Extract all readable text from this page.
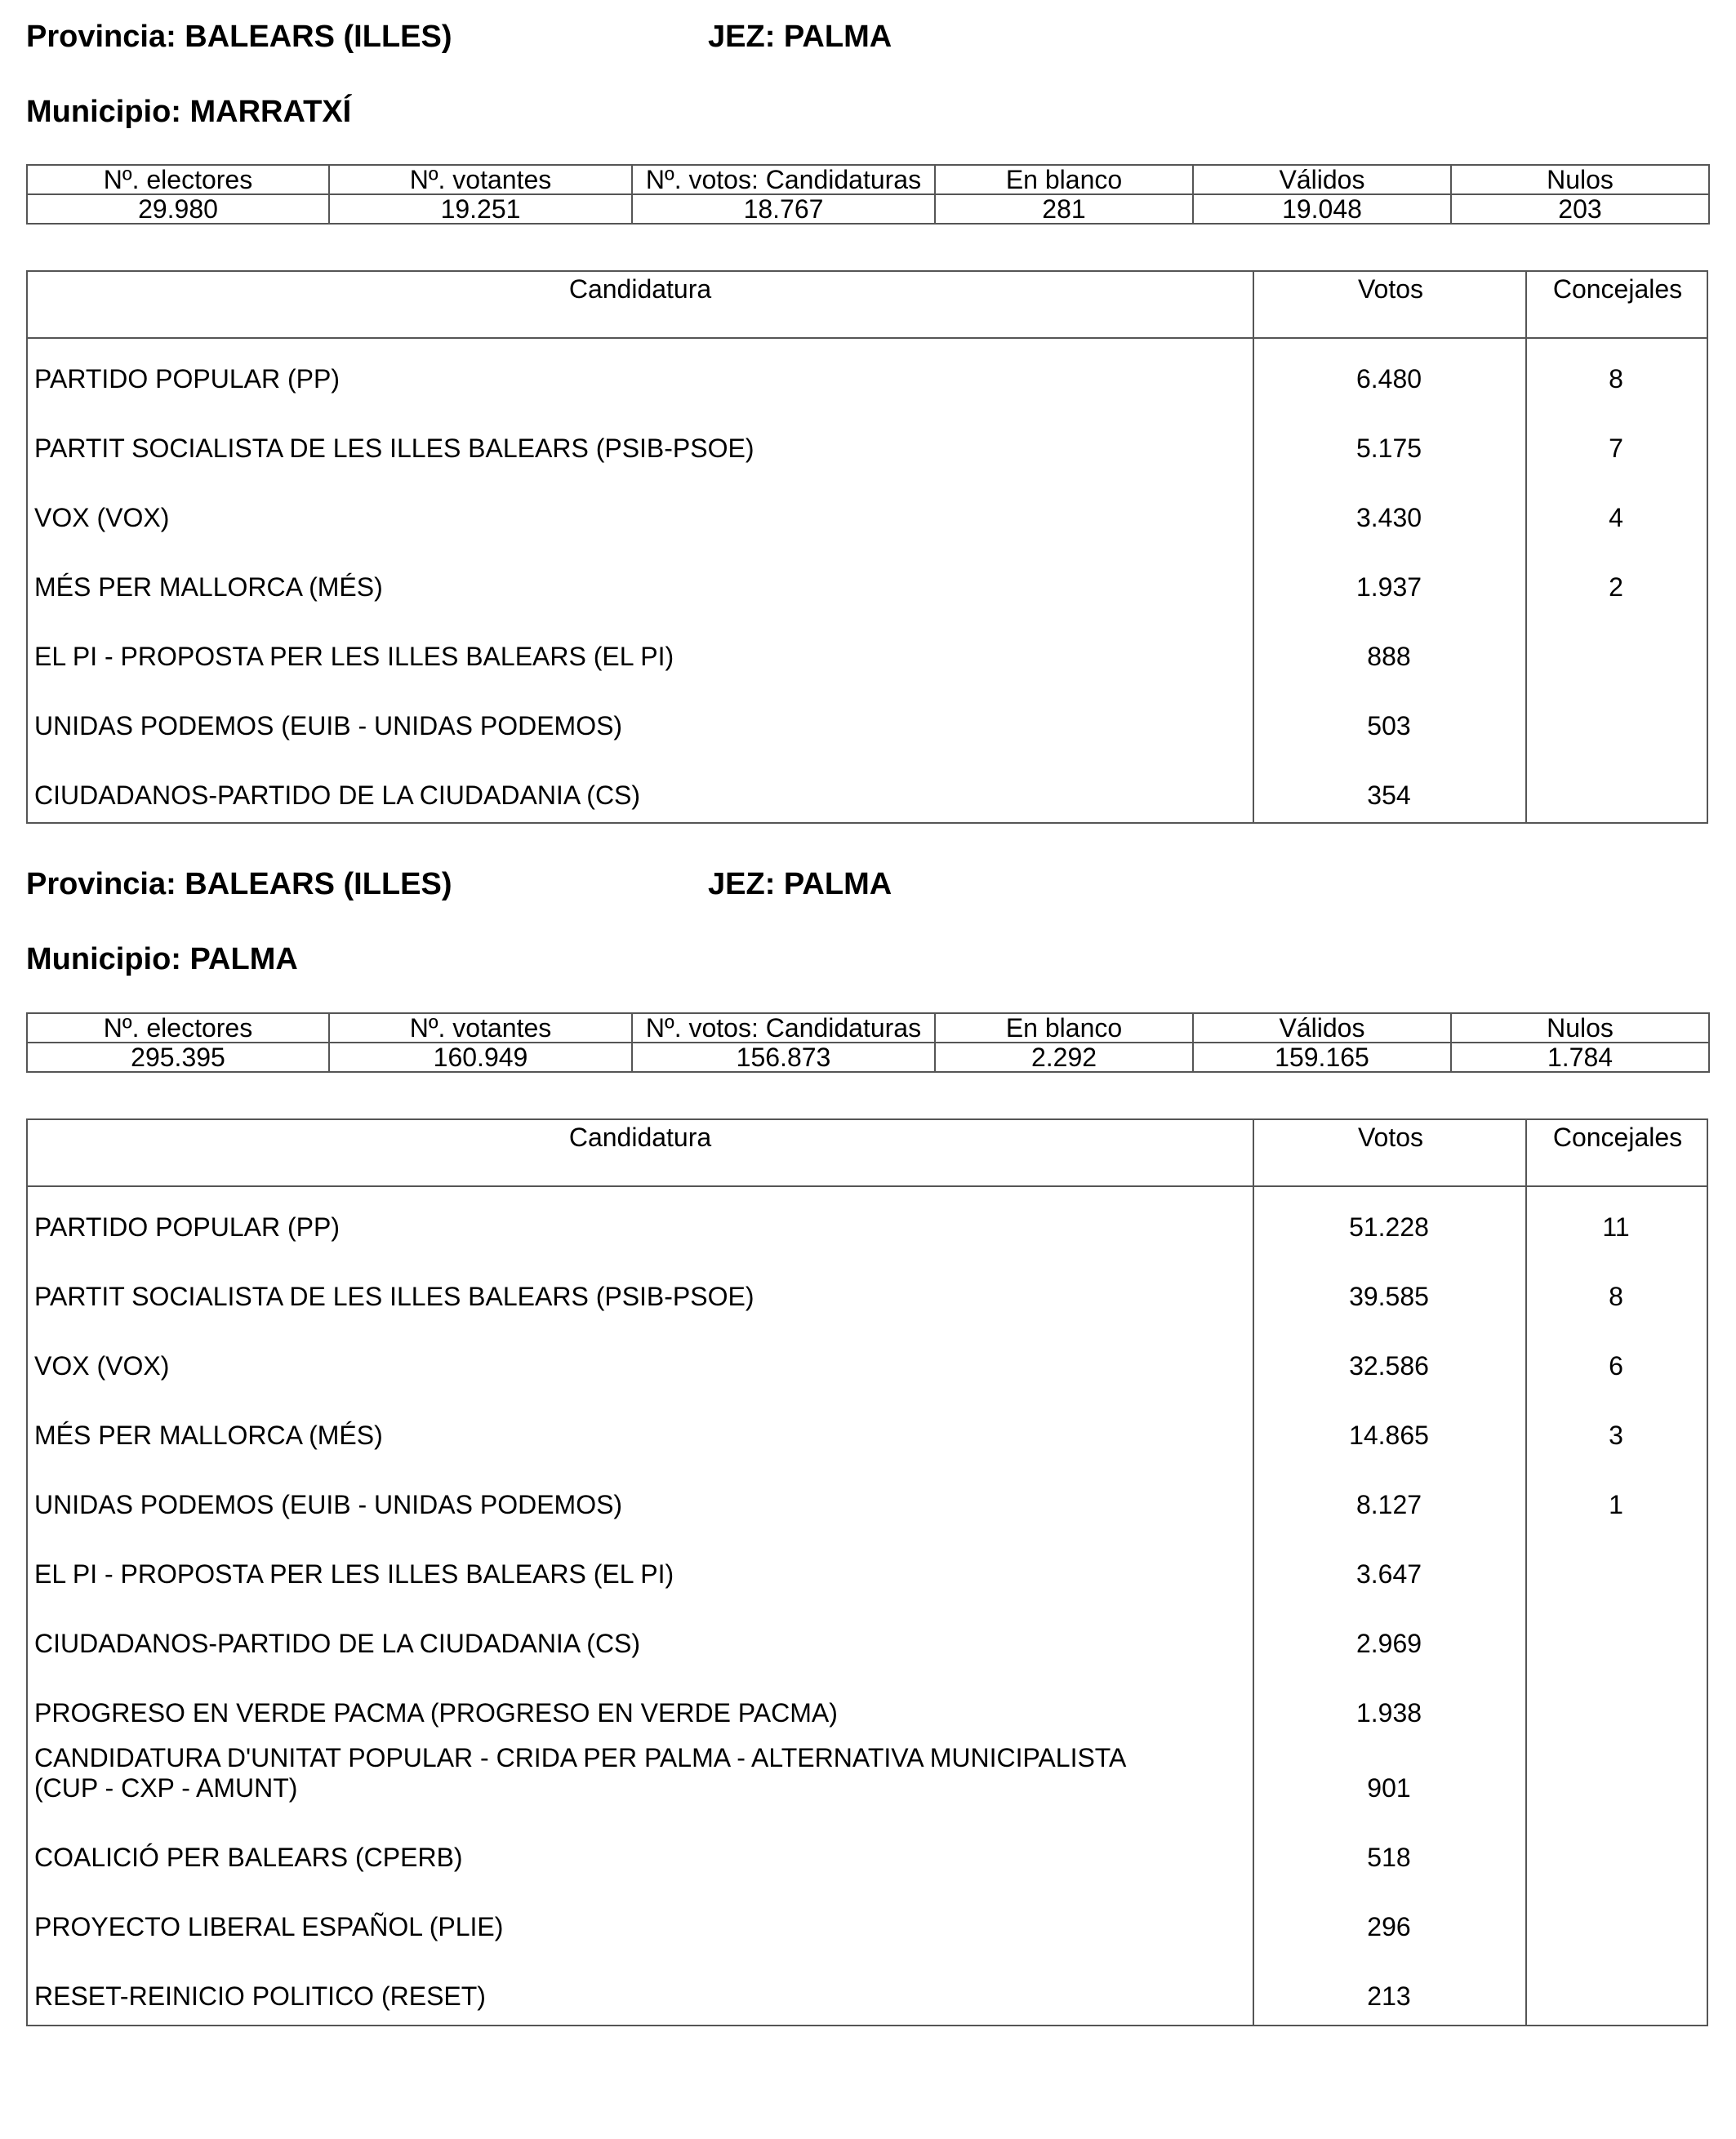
Provincia: BALEARS (ILLES)	JEZ: PALMA
Municipio: MARRATXÍ
Nº. electores	Nº. votantes	Nº. votos: Candidaturas	En blanco	Válidos	Nulos
29.980	19.251	18.767	281	19.048	203
Candidatura	Votos	Concejales
PARTIDO POPULAR (PP)	6.480	8
PARTIT SOCIALISTA DE LES ILLES BALEARS (PSIB-PSOE)	5.175	7
VOX (VOX)	3.430	4
MÉS PER MALLORCA (MÉS)	1.937	2
EL PI - PROPOSTA PER LES ILLES BALEARS (EL PI)	888
UNIDAS PODEMOS (EUIB - UNIDAS PODEMOS)	503
CIUDADANOS-PARTIDO DE LA CIUDADANIA (CS)	354
Provincia: BALEARS (ILLES)	JEZ: PALMA
Municipio: PALMA
Nº. electores	Nº. votantes	Nº. votos: Candidaturas	En blanco	Válidos	Nulos
295.395	160.949	156.873	2.292	159.165	1.784
Candidatura	Votos	Concejales
PARTIDO POPULAR (PP)	51.228	11
PARTIT SOCIALISTA DE LES ILLES BALEARS (PSIB-PSOE)	39.585	8
VOX (VOX)	32.586	6
MÉS PER MALLORCA (MÉS)	14.865	3
UNIDAS PODEMOS (EUIB - UNIDAS PODEMOS)	8.127	1
EL PI - PROPOSTA PER LES ILLES BALEARS (EL PI)	3.647
CIUDADANOS-PARTIDO DE LA CIUDADANIA (CS)	2.969
PROGRESO EN VERDE PACMA (PROGRESO EN VERDE PACMA)	1.938
CANDIDATURA D'UNITAT POPULAR - CRIDA PER PALMA - ALTERNATIVA MUNICIPALISTA
(CUP - CXP - AMUNT)	901
COALICIÓ PER BALEARS (CPERB)	518
PROYECTO LIBERAL ESPAÑOL (PLIE)	296
RESET-REINICIO POLITICO (RESET)	213
